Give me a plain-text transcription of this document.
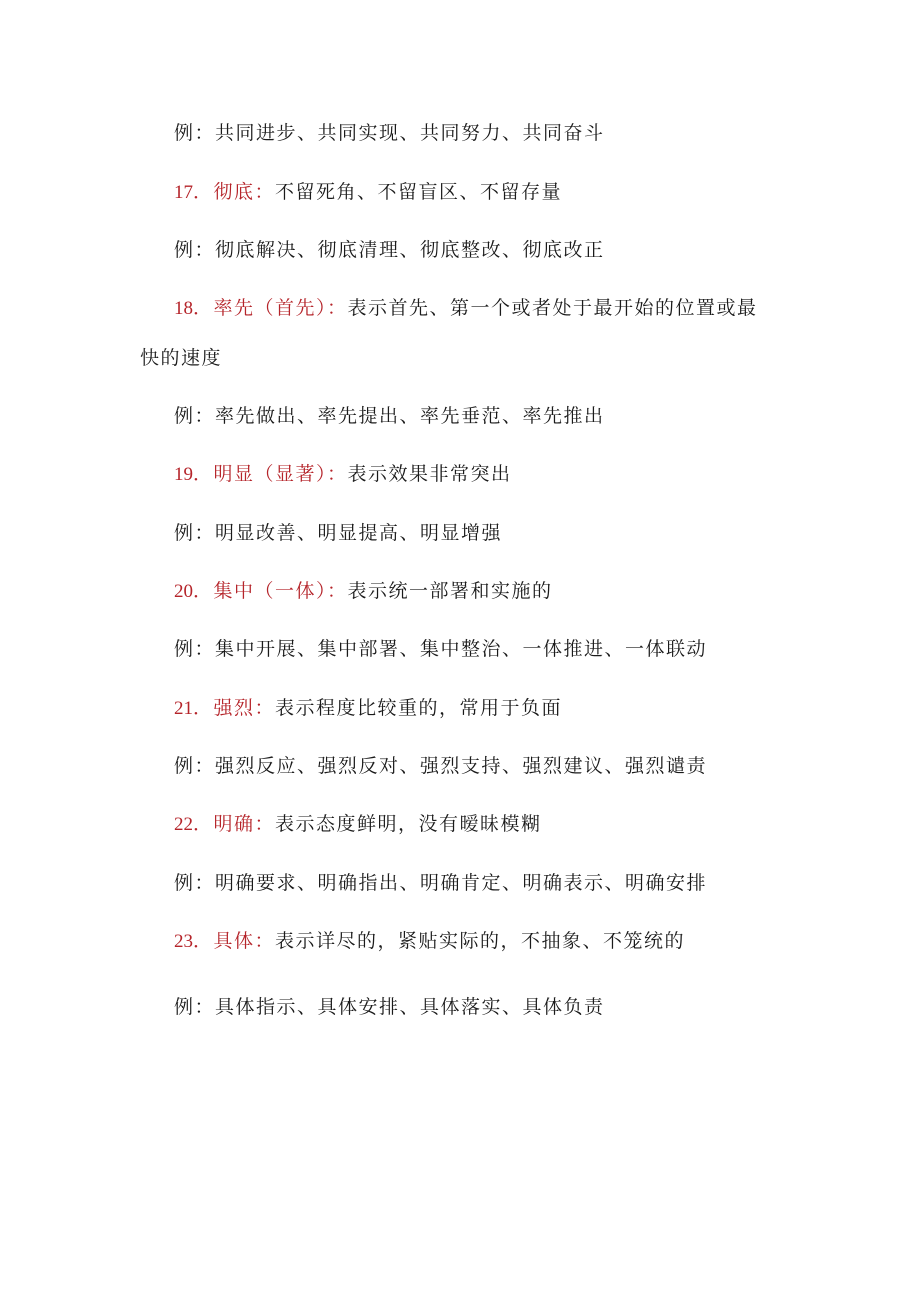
例：共同进步、共同实现、共同努力、共同奋斗
17．彻底：不留死角、不留盲区、不留存量
例：彻底解决、彻底清理、彻底整改、彻底改正
18．率先（首先）：表示首先、第一个或者处于最开始的位置或最
快的速度
例：率先做出、率先提出、率先垂范、率先推出
19．明显（显著）：表示效果非常突出
例：明显改善、明显提高、明显增强
20．集中（一体）：表示统一部署和实施的
例：集中开展、集中部署、集中整治、一体推进、一体联动
21．强烈：表示程度比较重的，常用于负面
例：强烈反应、强烈反对、强烈支持、强烈建议、强烈谴责
22．明确：表示态度鲜明，没有暧昧模糊
例：明确要求、明确指出、明确肯定、明确表示、明确安排
23．具体：表示详尽的，紧贴实际的，不抽象、不笼统的
例：具体指示、具体安排、具体落实、具体负责
